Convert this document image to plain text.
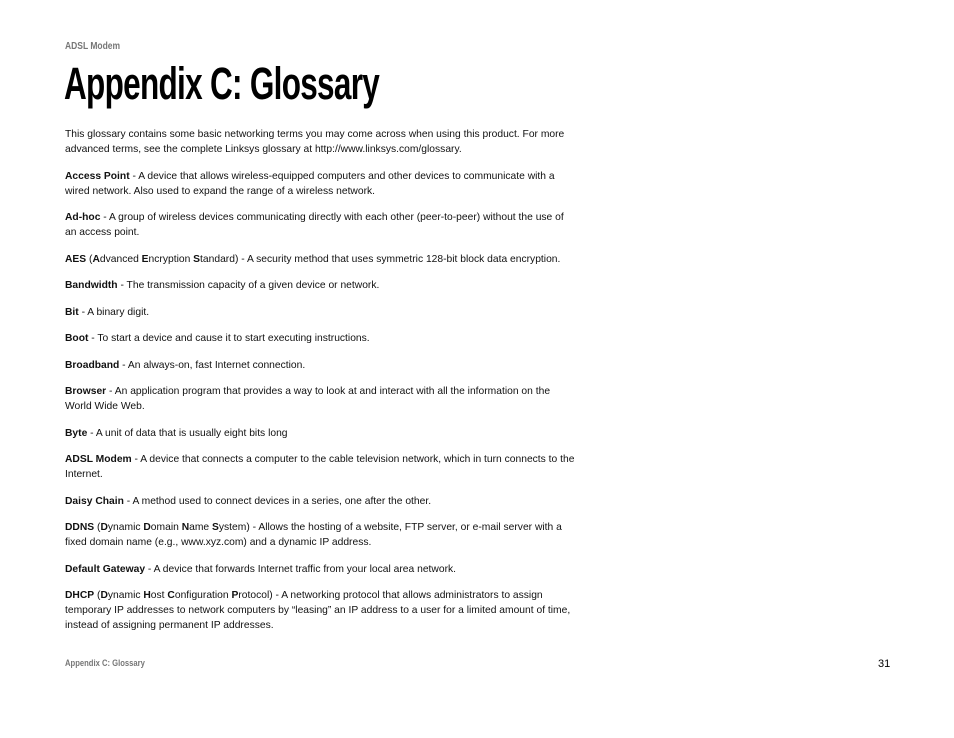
ADSL Modem
Appendix C: Glossary

This glossary contains some basic networking terms you may come across when using this product. For more advanced terms, see the complete Linksys glossary at http://www.linksys.com/glossary.

Access Point - A device that allows wireless-equipped computers and other devices to communicate with a wired network. Also used to expand the range of a wireless network.

Ad-hoc - A group of wireless devices communicating directly with each other (peer-to-peer) without the use of an access point.

AES (Advanced Encryption Standard) - A security method that uses symmetric 128-bit block data encryption.

Bandwidth - The transmission capacity of a given device or network.

Bit - A binary digit.

Boot - To start a device and cause it to start executing instructions.

Broadband - An always-on, fast Internet connection.

Browser - An application program that provides a way to look at and interact with all the information on the World Wide Web.

Byte - A unit of data that is usually eight bits long

ADSL Modem - A device that connects a computer to the cable television network, which in turn connects to the Internet.

Daisy Chain - A method used to connect devices in a series, one after the other.

DDNS (Dynamic Domain Name System) - Allows the hosting of a website, FTP server, or e-mail server with a fixed domain name (e.g., www.xyz.com) and a dynamic IP address.

Default Gateway - A device that forwards Internet traffic from your local area network.

DHCP (Dynamic Host Configuration Protocol) - A networking protocol that allows administrators to assign temporary IP addresses to network computers by “leasing” an IP address to a user for a limited amount of time, instead of assigning permanent IP addresses.

Appendix C: Glossary	31
